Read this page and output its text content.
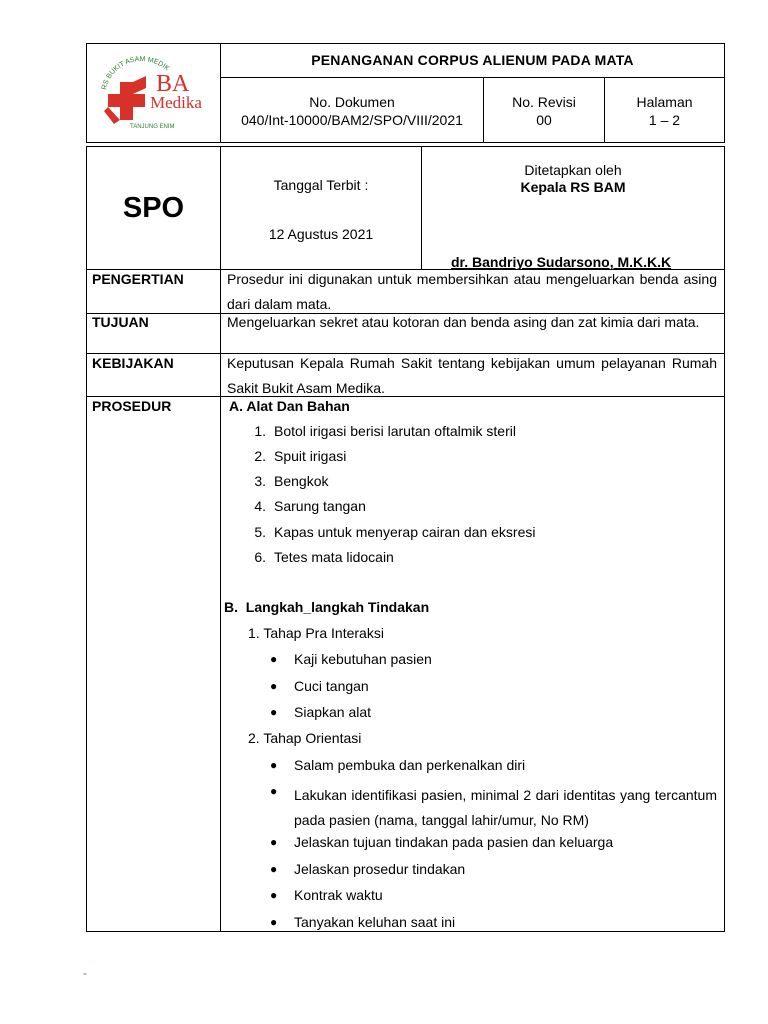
RS BUKIT ASAM MEDIK
TANJUNG ENIM
BA
Medika
PENANGANAN CORPUS ALIENUM PADA MATA
No. Dokumen
040/Int-10000/BAM2/SPO/VIII/2021
No. Revisi
00
Halaman
1 – 2
SPO
Tanggal Terbit :
12 Agustus 2021
Ditetapkan oleh
Kepala RS BAM
dr. Bandriyo Sudarsono, M.K.K.K
PENGERTIAN	Prosedur ini digunakan untuk membersihkan atau mengeluarkan benda asing dari dalam mata.
TUJUAN	Mengeluarkan sekret atau kotoran dan benda asing dan zat kimia dari mata.
KEBIJAKAN	Keputusan Kepala Rumah Sakit tentang kebijakan umum pelayanan Rumah Sakit Bukit Asam Medika.
PROSEDUR	A. Alat Dan Bahan
1. Botol irigasi berisi larutan oftalmik steril
2. Spuit irigasi
3. Bengkok
4. Sarung tangan
5. Kapas untuk menyerap cairan dan eksresi
6. Tetes mata lidocain
B.  Langkah_langkah Tindakan
1. Tahap Pra Interaksi
● Kaji kebutuhan pasien
● Cuci tangan
● Siapkan alat
2. Tahap Orientasi
● Salam pembuka dan perkenalkan diri
● Lakukan identifikasi pasien, minimal 2 dari identitas yang tercantum pada pasien (nama, tanggal lahir/umur, No RM)
● Jelaskan tujuan tindakan pada pasien dan keluarga
● Jelaskan prosedur tindakan
● Kontrak waktu
● Tanyakan keluhan saat ini
-
